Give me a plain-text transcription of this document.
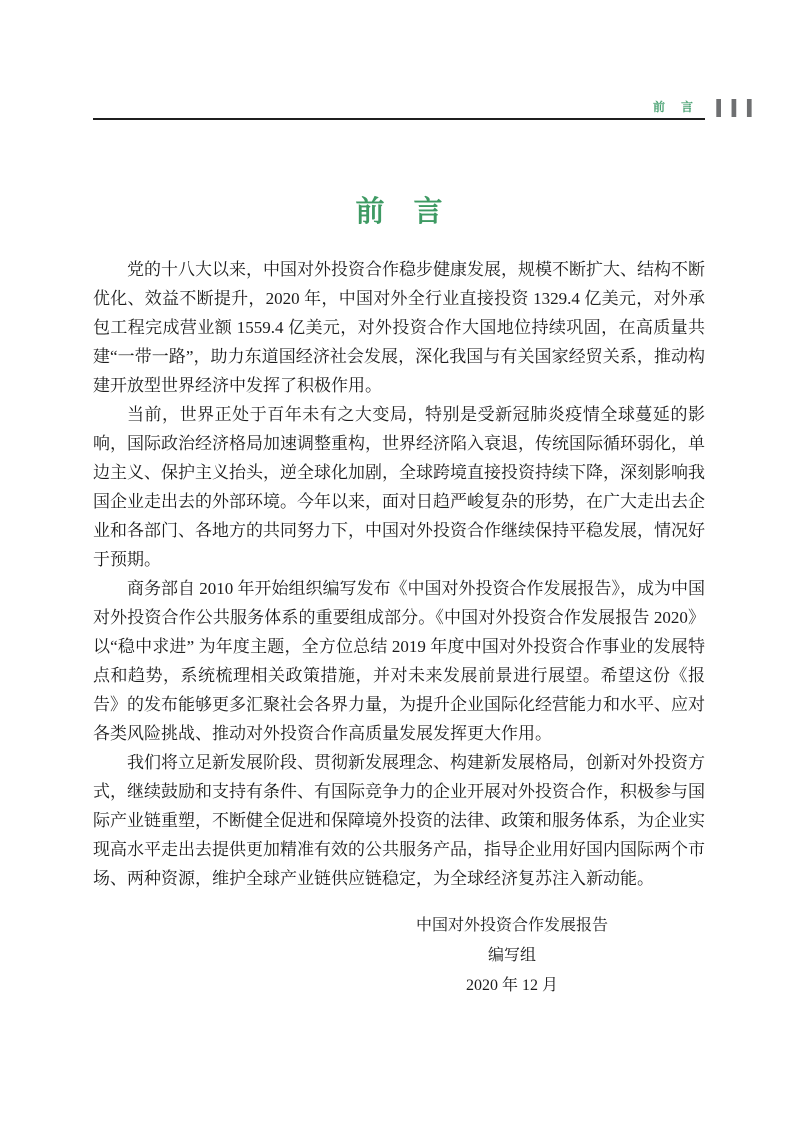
前　言 III
前　言

党的十八大以来，中国对外投资合作稳步健康发展，规模不断扩大、结构不断优化、效益不断提升，2020 年，中国对外全行业直接投资 1329.4 亿美元，对外承包工程完成营业额 1559.4 亿美元，对外投资合作大国地位持续巩固，在高质量共建“一带一路”，助力东道国经济社会发展，深化我国与有关国家经贸关系，推动构建开放型世界经济中发挥了积极作用。

当前，世界正处于百年未有之大变局，特别是受新冠肺炎疫情全球蔓延的影响，国际政治经济格局加速调整重构，世界经济陷入衰退，传统国际循环弱化，单边主义、保护主义抬头，逆全球化加剧，全球跨境直接投资持续下降，深刻影响我国企业走出去的外部环境。今年以来，面对日趋严峻复杂的形势，在广大走出去企业和各部门、各地方的共同努力下，中国对外投资合作继续保持平稳发展，情况好于预期。

商务部自 2010 年开始组织编写发布《中国对外投资合作发展报告》，成为中国对外投资合作公共服务体系的重要组成部分。《中国对外投资合作发展报告 2020》以“稳中求进” 为年度主题，全方位总结 2019 年度中国对外投资合作事业的发展特点和趋势，系统梳理相关政策措施，并对未来发展前景进行展望。希望这份《报告》的发布能够更多汇聚社会各界力量，为提升企业国际化经营能力和水平、应对各类风险挑战、推动对外投资合作高质量发展发挥更大作用。

我们将立足新发展阶段、贯彻新发展理念、构建新发展格局，创新对外投资方式，继续鼓励和支持有条件、有国际竞争力的企业开展对外投资合作，积极参与国际产业链重塑，不断健全促进和保障境外投资的法律、政策和服务体系，为企业实现高水平走出去提供更加精准有效的公共服务产品，指导企业用好国内国际两个市场、两种资源，维护全球产业链供应链稳定，为全球经济复苏注入新动能。

中国对外投资合作发展报告
编写组
2020 年 12 月
